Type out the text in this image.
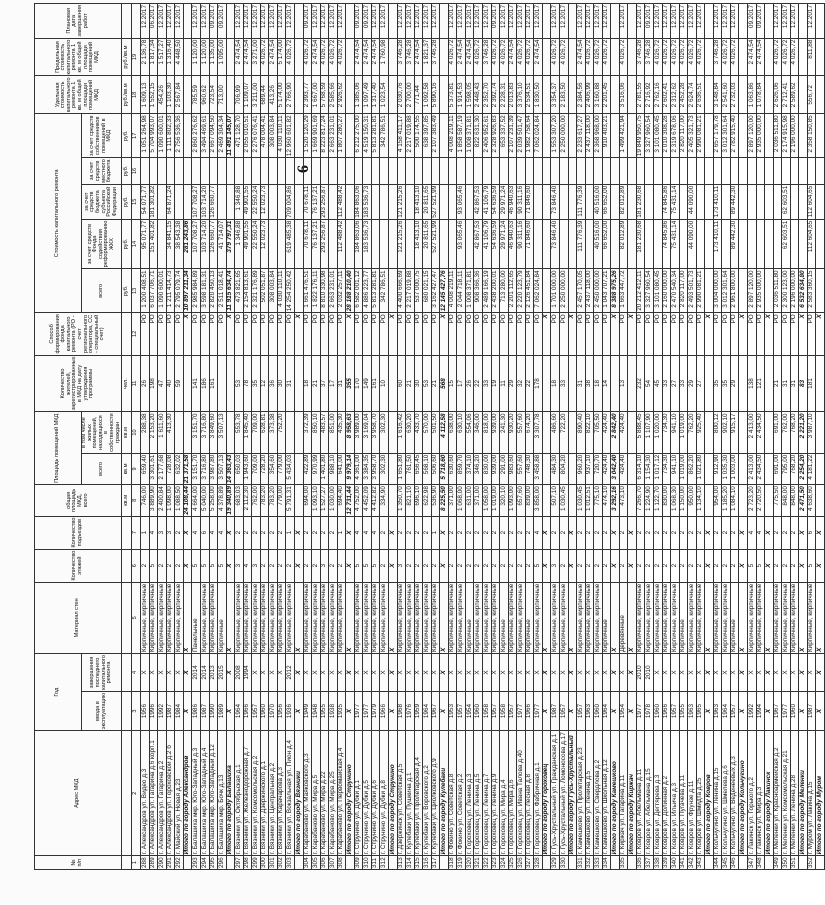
6
№ п/п	Адрес МКД	Год		Материал стен	Количество этажей	Количество подъездов	общая площадь МКД, всего	Площадь помещений МКД		Количество жителей, зарегистрированных в МКД на дату утверждения программы	Способ формирования фонда капитального ремонта (РО - счет регионального оператора, СС - специальный счет)	Стоимость капитального ремонта					Удельная стоимость капитального ремонта 1 кв. м общей площади помещений МКД	Предельная стоимость капитального ремонта 1 кв. м общей площади помещений МКД	Плановая дата завершения работ
		ввода в эксплуатацию	завершения последнего капитального ремонта					всего	в том числе жилых помещений, находящихся в собственности граждан			всего	за счет средств Фонда содействия реформированию ЖКХ	за счет средств бюджета субъекта Российской Федерации	за счет средств местного бюджета	за счет средств собственников помещений в МКД			
							кв.м	кв.м	кв.м	чел.		руб.	руб.	руб.	руб.	руб.	руб./кв.м	руб./кв.м	
1	2	3	4	5	6	7	8	9	10	11	12	13	14	15	16	17	18	19	
288	г. Александров ул. Видео д.3	1956	X	Кирпичные, кирпичные	2	1	746,00	659,40	288,38	26	РО	1 200 408,51	95 071,77	54 071,77		1 051 264,98	1 609,13	2 136,78	12.2017
289	г. Александров ул. Гагарина д.6 корп.1	1996	X	Кирпичные, кирпичные	5	4	3 889,90	3 301,61	2 153,20	198	РО	6 037 706,71	151 401,82	181 301,82		5 704 993,07	1 552,15	1 817,34	06.2017
290	г. Александров ул. Гагарина д.2	1992	X	Кирпичные, кирпичные	2	3	2 400,84	2 177,68	1 611,60	47	РО	1 090 600,01				1 090 600,01	454,26	1 517,27	12.2017
291	г. Александров ул. Гороховской д.2 б	1987	X	Кирпичные, кирпичные	2	3	1 098,00	728,08	413,30	40	РО	1 211 414,73	34 841,15	64 871,24		1 111 802,33	1 103,30	1 316,40	12.2017
292	г. Майский ул. Новая д.23	1984	X	Кирпичные, кирпичные	2	2	1 088,50	632,02		59	РО	2 795 079,74	38 543,38			2 756 536,36	2 567,84	4 448,50	12.2017
	Итого по городу Александров	X	X	X	X	X	24 108,44	21 371,58			X	10 897 211,34	281 243,86						
293	г. Балашиха мкр. Юго-Западный д.3	1986	2014	Панельные	5	4	4 664,00	3 151,70	3 151,70	141	РО	2 985 984,89	107 708,27	107 708,27		2 860 276,62	785,59	1 120,00	12.2017
294	г. Балашиха мкр. Юго-Западный д.4	1987	2014	Кирпичные, кирпичные	5	6	5 040,00	3 716,80	3 716,80	186	РО	3 598 181,31	103 714,20	103 714,20		3 494 469,61	960,62	1 120,00	12.2017
295	г. Балашиха мкр. Юго-Западный д.12	1990	2013	Кирпичные, кирпичные	5	4	5 258,00	3 987,80	3 849,60	161	РО	2 820 450,13	126 660,77	126 660,77		2 667 094,50	723,54	1 135,00	09.2017
296	г. Балашиха мкр. Бочк д.13	1989	2015	Кирпичные	5	4	4 378,89	3 507,13	3 507,13		РО	2 511 018,41	41 714,07			2 469 304,34	713,00	1 095,00	09.2017
	Итого по городу Балашиха	X	X	X	X	X	19 340,89	14 363,43			X	11 915 634,74	379 797,31			11 491 145,07			
297	г. Вязники ул. Октябрьская д.1	1964	2008	Кирпичные, кирпичные	3	2	683,03	650,03	553,78	53	РО	473 821,65	1 346,88	1 346,88		471 128,70	706,99	2 474,54	12.2017
298	г. Вязники ул. Железнодорожная д.7	1966	1994	Кирпичные, кирпичные	4	2	2 112,30	1 943,60	1 845,40	78	РО	2 154 813,61	49 901,55	49 901,55		2 055 010,51	1 109,07	2 474,54	12.2017
299	г. Вязники ул. Комсомольская д.2	1957	X	Кирпичные, кирпичные	3	2	762,00	709,00	709,00	35	РО	2 321 176,89	22 550,24	22 550,24		2 276 076,41	3 211,00	3 271,00	12.2017
300	г. Вязники ул. Дзержинского д.1	1960	X	Кирпичные, кирпичные	2	2	783,20	728,20	628,81	12	РО	502 051,87	12 023,73	12 023,73		478 004,41	689,44	4 026,72	12.2017
301	г. Вязники ул. Центральная д.2	1970	X	Кирпичные, кирпичные	2	2	783,20	354,60	373,38	36	РО	308 003,84				308 003,84	413,26	2 474,54	12.2017
302	г. Вязники ул. Карачарова д.3	1956	X	Кирпичные, кирпичные	2	2	779,00	779,00	752,20	30	РО	4 030 110,11				4 030 110,11	5 174,00	5 174,00	12.2017
303	г. Вязники ул. Вокзальная ул. Пион д.4	1936	2012	Кирпичные, кирпичные	2	1	5 791,31	5 434,03		31	РО	14 254 250,42	619 485,38	709 004,86		12 960 601,82	2 766,90	4 026,72	12.2017
	Итого по городу Вязники	X	X	X	X	X					X								
304	г. Карабаново ул. Маяковского д.3	1949	X	Кирпичные, кирпичные	2	2	694,00	422,89	372,39	18	РО	1 661 476,51	70 678,11	70 678,11		1 520 120,29	2 393,77	4 026,72	09.2017
305	г. Карабаново ул. Мира д.5	1948	X	Кирпичные, кирпичные	2	2	1 093,10	970,99	850,10	21	РО	1 822 176,11	76 137,21	76 137,21		1 669 901,69	1 667,00	2 474,54	12.2017
306	г. Карабаново ул. Мира д.22	1955	X	Кирпичные, кирпичные	3	2	1 527,27	1 401,80	483,57	37	РО	8 810 330,98	293 256,87	293 256,87		8 223 817,24	5 768,59	4 026,72	12.2017
307	г. Карабаново ул. Мира д.25	1938	X	Кирпичные, кирпичные	2	2	1 030,00	988,10	851,00	17	РО	2 663 231,01				2 663 231,01	2 585,66	4 026,72	12.2017
308	г. Карабаново ул. Первомайская д.4	1935	X	Кирпичные, кирпичные	2	1	694,40	641,00	435,30	31	РО	2 032 257,11	112 488,42	112 488,42		1 807 280,27	2 926,62	4 026,72	12.2017
	Итого по городу Струнино	X	X	X	X	X	12 731,44	9 979,14	8 958,63	355	X	28 188 210,40							
309	г. Струнино ул. Дубки д.1	1977	X	Кирпичные, кирпичные	5	4	4 752,00	4 361,00	3 989,00	170	РО	6 582 001,12	184 863,06	184 863,06		6 212 275,00	1 385,06	2 474,54	09.2017
310	г. Струнино ул. Дубки д.5	1977	X	Кирпичные, кирпичные	5	4	4 452,09	3 384,35	3 169,04	149	РО	4 886 223,77	183 536,73	183 536,73		4 519 150,31	1 097,49	2 474,54	09.2017
311	г. Струнино ул. Дубки д.6	1979	X	Кирпичные, кирпичные	5	4	4 412,82	3 958,70	3 958,70	161	РО	5 813 281,81				5 813 281,81	1 317,40	2 474,54	12.2017
312	г. Струнино ул. Дубки д.8	1966	X	Кирпичные, кирпичные	2	2	334,90	302,30	302,30	10	РО	342 786,51				342 786,51	1 023,54	1 760,98	12.2017
	Итого по городу Струнино	X	X	X	X	X					X								
313	г. Дзержинск ул. Советская д.5	1968	X	Кирпичные, кирпичные	3	2	1 350,70	1 651,80	1 616,42	60	РО	4 400 666,69	121 215,26	121 215,26		4 158 411,17	2 030,76	3 746,28	12.2017
314	г. Кулебаки ул. Пушкина д.1	1976	X	Кирпичные, кирпичные	2	2	821,10	761,50	630,20	21	РО	2 217 019,88				2 217 019,88	2 700,00	3 746,28	12.2017
315	г. Кулебаки ул. Пролетарская д.4	1959	X	Кирпичные, кирпичные	2	2	696,10	656,45	433,70	30	РО	537 000,75	18 413,10	18 413,10		500 174,55	771,44	2 474,54	12.2017
316	г. Кулебаки ул. Воровского д.2	1964	X	Кирпичные, кирпичные	2	2	622,98	568,10	570,00	53	РО	680 021,15	20 811,65	20 811,65		638 397,85	1 092,58	1 821,37	12.2017
317	г. Кулебаки ул. Циолковского д.9	1967	X	Кирпичные, кирпичные	2	1	536,90	506,60	501,50	21	РО	3 162 427,47	527 521,99	527 521,99		2 107 383,49	5 890,16	3 746,28	12.2017
	Итого по городу Кулебаки	X	X	X	X	X	8 225,50	5 718,60	4 112,58	568	X	12 145 427,76							
318	г. Фокино ул. Советская д.8	1953	X	Кирпичные, кирпичные	2	2	371,00	630,60	638,00	15	РО	4 008 219,11				4 008 219,11	5 373,81	4 026,72	12.2017
319	г. Фокино ул. Советская д.2	1957	X	Кирпичные, кирпичные	2	2	1 068,00	859,70	630,10	17	РО	2 044 718,11	93 065,46	93 065,46		1 858 587,19	1 914,53	2 474,54	12.2017
320	г. Гороховец ул. Ленина д.3	1954	X	Кирпичные	2	2	631,00	374,10	554,06	26	РО	1 008 371,81				1 008 371,81	1 598,05	2 474,54	12.2017
321	г. Гороховец ул. Ленина д.5	1960	X	Кирпичные, кирпичные	2	2	371,00	346,20	346,00	22	РО	908 366,36	42 867,53	42 867,53		822 631,30	2 448,43	4 026,72	12.2017
322	г. Гороховец ул. Ленина д.7	1958	X	Кирпичные, кирпичные	2	2	1 058,00	830,00	818,00	33	РО	2 489 166,19	41 106,79	41 106,79		2 406 952,61	2 352,70	3 746,28	12.2017
323	г. Гороховец ул. Ленина д.9	1957	X	Кирпичные, кирпичные	2	2	1 019,00	939,00	939,00	19	РО	2 438 200,01	54 636,59	54 636,59		2 328 926,83	2 392,74	4 026,72	09.2017
324	г. Гороховец ул. Мира д.4	1958	X	Кирпичные	2	2	320,10	291,00	241,30	11	РО	713 280,00	29 971,24	29 971,24		653 337,52	2 228,31	4 026,72	12.2017
325	г. Гороховец ул. Мира д.6	1957	X	Кирпичные, кирпичные	2	2	1 093,00	983,60	930,20	29	РО	2 201 112,65	46 940,63	46 940,63		2 107 231,39	2 013,83	2 474,54	12.2017
326	г. Гороховец ул. Ивана Талова д.40	1977	X	Кирпичные, кирпичные	2	2	657,60	557,60	557,60	32	РО	2 220 123,79	90 311,16	90 311,16		2 039 501,47	3 376,10	4 026,72	12.2017
327	г. Гороховец ул. Лесная д.8	1966	X	Кирпичные	2	2	839,00	748,30	674,20	22	РО	2 126 451,84	71 846,60	71 846,60		1 982 758,64	2 534,51	4 026,72	12.2017
328	г. Гороховец ул. Фабричная д.1	1977	X	Кирпичные, кирпичные	5	4	3 858,00	3 458,88	3 307,78	178	РО	7 062 024,84				7 062 024,84	1 830,50	2 474,54	12.2017
	Итого по городу Гороховец	X	X	X	X	X					X								
329	г. Гусь-Хрустальный ул. Гражданская д.1	1987	X	Кирпичные, кирпичные	3	2	507,10	484,30	486,60	18	РО	1 701 000,00	73 846,40	73 846,40		1 553 307,20	3 354,37	4 026,72	12.2017
330	г. Гусь-Хрустальный ул. Ломоносова д.17	1957	X	Кирпичные, кирпичные	2	2	1 030,45	804,20	722,20	33	РО	2 250 000,00				2 250 000,00	2 183,50	4 026,72	12.2017
	Итого по городу Гусь-Хрустальный	X	X	X	X	X					X								
331	г. Камешково ул. Пролетарская д.23	1957	X	Кирпичные, кирпичные	2	2	1 030,45	960,20	890,40	31	РО	2 457 170,05	111 776,39	111 776,39		2 233 617,27	2 384,56	2 474,54	12.2017
332	г. Камешково ул. Ленина д.5	1963	X	Кирпичные, кирпичные	2	2	1 012,51	937,10	822,10	38	РО	2 437 118,00				2 437 118,00	2 406,99	4 026,72	12.2017
333	г. Камешково ул. Свердлова д.2	1960	X	Кирпичные, кирпичные	2	2	775,10	720,70	705,50	18	РО	2 450 000,00	40 516,00	40 516,00		2 368 968,00	3 160,88	4 026,72	12.2017
334	г. Камешково ул. Школьная д.12	1964	X	Кирпичные	2	2	474,10	424,40	424,40	14	РО	1 043 707,21	66 652,00	66 652,00		910 403,21	2 201,45	4 026,72	12.2017
	Итого по городу Камешково	X	X	X	X	X	3 292,16	3 042,40	2 842,40		X	8 388 975,26							
335	г. Киржач ул. Гагарина д.11	1954	X	Деревянные	2	2	473,10	424,40	424,40	13	РО	1 663 447,72	82 012,89	82 012,89		1 499 421,94	3 516,06	4 026,72	12.2017
	Итого по городу Киржач	X	X	X	X	X					X								
336	г. Ковров ул. Абельмана д.11	1977	2010	Кирпичные, кирпичные	2	2	7 266,70	6 314,10	5 888,45	232	РО	20 212 412,11	181 230,68	181 230,68		19 849 950,75	2 781,55	3 746,28	12.2017
337	г. Ковров ул. Абельмана д.15	1978	2010	Кирпичные, кирпичные	2	2	1 224,90	1 154,30	1 107,90	54	РО	3 327 960,54				3 327 960,54	2 716,92	3 746,28	09.2017
338	г. Ковров ул. Дегтярева д.3	1960	X	Кирпичные, кирпичные	2	2	1 122,70	1 017,12	1 020,00	45	РО	3 101 080,45				3 101 080,45	2 762,16	4 026,72	12.2017
339	г. Ковров ул. Долинная д.2	1966	X	Кирпичные, кирпичные	2	2	830,00	734,30	734,30	33	РО	2 160 000,00	74 845,86	74 845,86		2 010 308,28	2 602,41	4 026,72	12.2017
340	г. Ковров ул. Ильича д.3	1957	X	Кирпичные, кирпичные	2	2	1 068,30	941,10	941,10	27	РО	2 470 540,34	75 431,14	75 431,14		2 319 678,06	2 312,62	4 026,72	12.2017
341	г. Ковров ул. Пугачева д.11	1955	X	Кирпичные	2	2	1 150,00	1 019,00	1 019,00	33	РО	2 820 117,00				2 820 117,00	2 452,28	4 026,72	12.2017
342	г. Ковров ул. Фрунзе д.11	1963	X	Кирпичные, кирпичные	2	2	950,00	862,20	762,20	29	РО	2 493 501,73	44 090,00	44 090,00		2 405 321,73	2 624,74	4 026,72	12.2017
343	г. Ковров ул. Шмидта д.25	1965	X	Кирпичные, кирпичные	2	2	1 134,10	1 021,80	925,40	27	РО	2 990 081,21				2 990 081,21	2 636,51	4 026,72	12.2017
	Итого по городу Ковров	X	X	X	X	X					X								
344	г. Кольчугино ул. Ленина д.15	1963	X	Кирпичные, кирпичные	2	2	954,00	912,90	800,12	35	РО	3 004 000,00	173 410,11	173 410,11		2 657 179,78	3 148,84	3 746,28	12.2017
345	г. Кольчугино ул. Шмелева д.6	1964	X	Кирпичные, кирпичные	2	2	1 185,20	1 035,30	902,10	35	РО	3 012 301,64				3 012 301,64	2 541,60	4 026,72	12.2017
346	г. Кольчугино ул. Веденеевых д.3	1957	X	Кирпичные	2	2	1 084,10	1 003,00	915,17	29	РО	2 961 800,00	89 442,30	89 442,30		2 782 915,40	2 732,03	4 026,72	12.2017
	Итого по городу Кольчугино	X	X	X	X	X					X								
347	г. Лакинск ул. Горького д.2	1992	X	Кирпичные, кирпичные	5	4	2 723,20	2 413,00	2 413,00	138	РО	2 897 120,00				2 897 120,00	1 063,86	2 474,54	09.2017
348	г. Лакинск ул. Мира д.3	1994	X	Кирпичные, кирпичные	5	4	2 720,50	2 434,50	2 434,50	121	РО	2 935 000,00				2 935 000,00	1 078,84	2 474,54	09.2017
	Итого по городу Лакинск	X	X	X	X	X					X								
349	г. Меленки ул. Красноармейская д.2	1967	X	Кирпичные, кирпичные	2	2	775,50	691,00	691,00	21	РО	2 036 511,80				2 036 511,80	2 626,06	4 026,72	12.2017
350	г. Меленки ул. Комсомольская д.21	1977	X	Кирпичные, кирпичные	2	2	848,00	795,00	762,00	31	РО	2 300 123,00	62 603,51	62 603,51		2 174 915,98	2 712,41	4 026,72	12.2017
351	г. Меленки ул. Ленина д.28	1960	X	Кирпичные, кирпичные	2	2	848,00	768,20	768,20	31	РО	2 196 000,00				2 196 000,00	2 589,62	4 026,72	12.2017
	Итого по городу Меленки	X	X	X	X	X	2 471,50	2 254,20	2 221,20	83	X	6 532 634,80							
352	г. Муром ул. Лакина д.15	1987	X	Кирпичные, кирпичные	5	6	4 638,60	4 181,22	3 987,10	181	РО	2 583 360,15	112 604,65	112 604,65		2 358 150,85	556,72	811,88	12.2017
	Итого по городу Муром	X	X	X	X	X					X								
